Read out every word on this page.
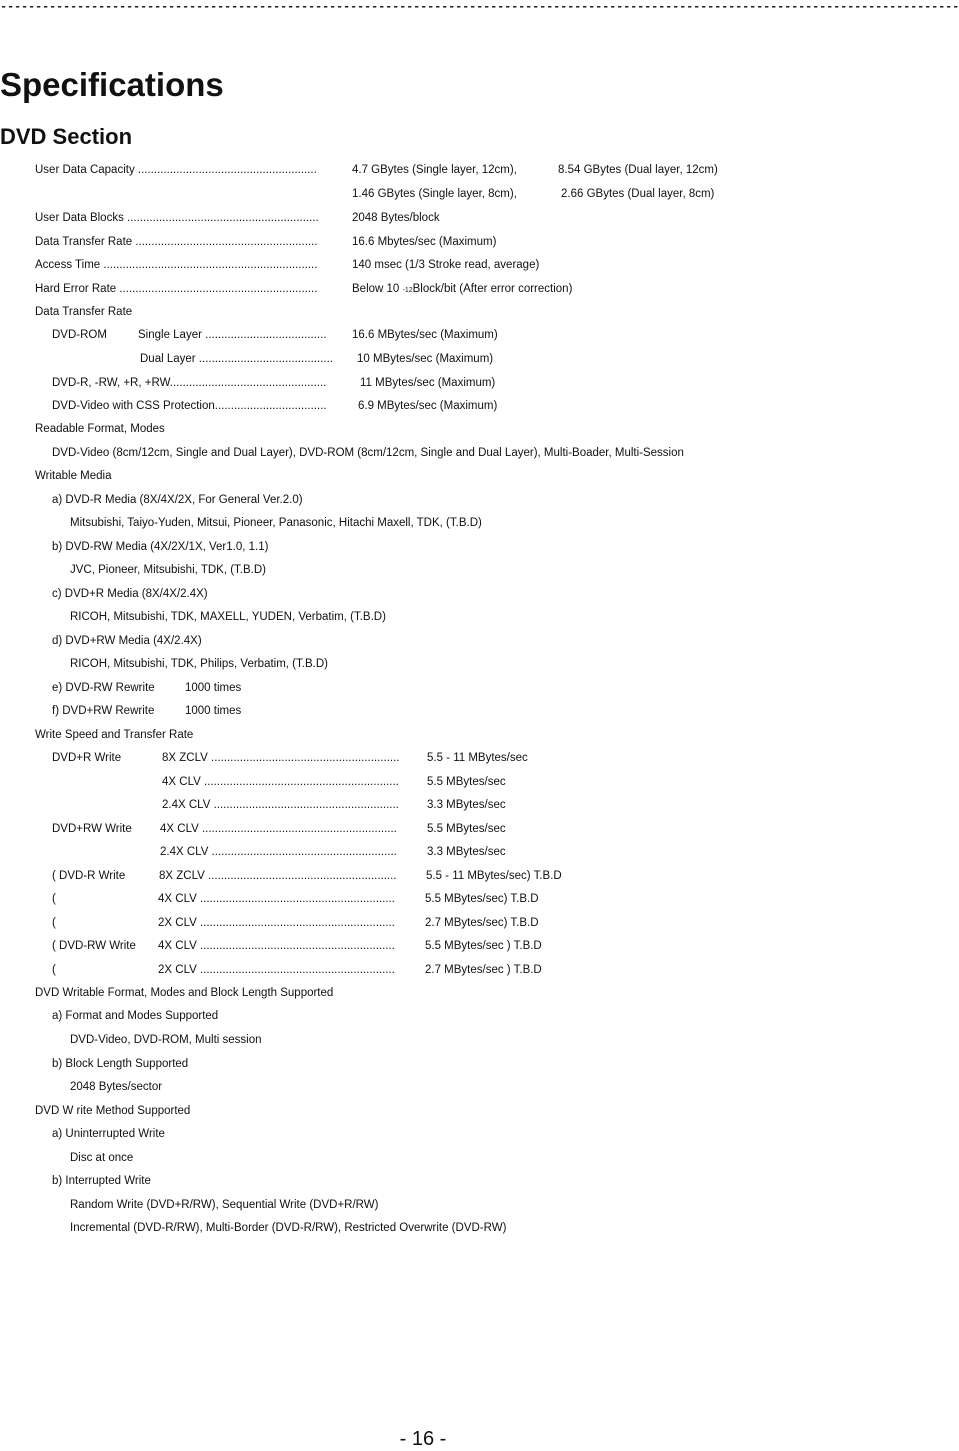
-----------------------------------------------------------------------------------------------------------------------------------------
Specifications
DVD Section
User Data Capacity ........................................................	4.7 GBytes (Single layer, 12cm),	8.54 GBytes (Dual layer, 12cm)
1.46 GBytes (Single layer, 8cm),	2.66 GBytes (Dual layer, 8cm)
User Data Blocks ............................................................	2048 Bytes/block
Data Transfer Rate .........................................................	16.6 Mbytes/sec (Maximum)
Access Time ...................................................................	140 msec (1/3 Stroke read, average)
Hard Error Rate ..............................................................	Below 10 -12Block/bit (After error correction)
Data Transfer Rate
DVD-ROM	Single Layer ...................................... 16.6 MBytes/sec (Maximum)
Dual Layer .......................................... 10 MBytes/sec (Maximum)
DVD-R, -RW, +R, +RW.................................................	11 MBytes/sec (Maximum)
DVD-Video with CSS Protection...................................	6.9 MBytes/sec (Maximum)
Readable Format, Modes
DVD-Video (8cm/12cm, Single and Dual Layer), DVD-ROM (8cm/12cm, Single and Dual Layer), Multi-Boader, Multi-Session
Writable Media
a) DVD-R Media (8X/4X/2X, For General Ver.2.0)
Mitsubishi, Taiyo-Yuden, Mitsui, Pioneer, Panasonic, Hitachi Maxell, TDK, (T.B.D)
b) DVD-RW Media (4X/2X/1X, Ver1.0, 1.1)
JVC, Pioneer, Mitsubishi, TDK, (T.B.D)
c) DVD+R Media (8X/4X/2.4X)
RICOH, Mitsubishi, TDK, MAXELL, YUDEN, Verbatim, (T.B.D)
d) DVD+RW Media (4X/2.4X)
RICOH, Mitsubishi, TDK, Philips, Verbatim, (T.B.D)
e) DVD-RW Rewrite	1000 times
f) DVD+RW Rewrite	1000 times
Write Speed and Transfer Rate
DVD+R Write	8X ZCLV ........................................................... 5.5 - 11 MBytes/sec
4X CLV ............................................................. 5.5 MBytes/sec
2.4X CLV .......................................................... 3.3 MBytes/sec
DVD+RW Write 4X CLV .............................................................	5.5 MBytes/sec
2.4X CLV ..........................................................	3.3 MBytes/sec
( DVD-R Write	8X ZCLV ...........................................................	5.5 - 11 MBytes/sec) T.B.D
(	4X CLV .............................................................	5.5 MBytes/sec) T.B.D
(	2X CLV .............................................................	2.7 MBytes/sec) T.B.D
( DVD-RW Write 4X CLV .............................................................	5.5 MBytes/sec ) T.B.D
(	2X CLV .............................................................	2.7 MBytes/sec ) T.B.D
DVD Writable Format, Modes and Block Length Supported
a) Format and Modes Supported
DVD-Video, DVD-ROM, Multi session
b) Block Length Supported
2048 Bytes/sector
DVD W rite Method Supported
a) Uninterrupted Write
Disc at once
b) Interrupted Write
Random Write (DVD+R/RW), Sequential Write (DVD+R/RW)
Incremental (DVD-R/RW), Multi-Border (DVD-R/RW), Restricted Overwrite (DVD-RW)
- 16 -
